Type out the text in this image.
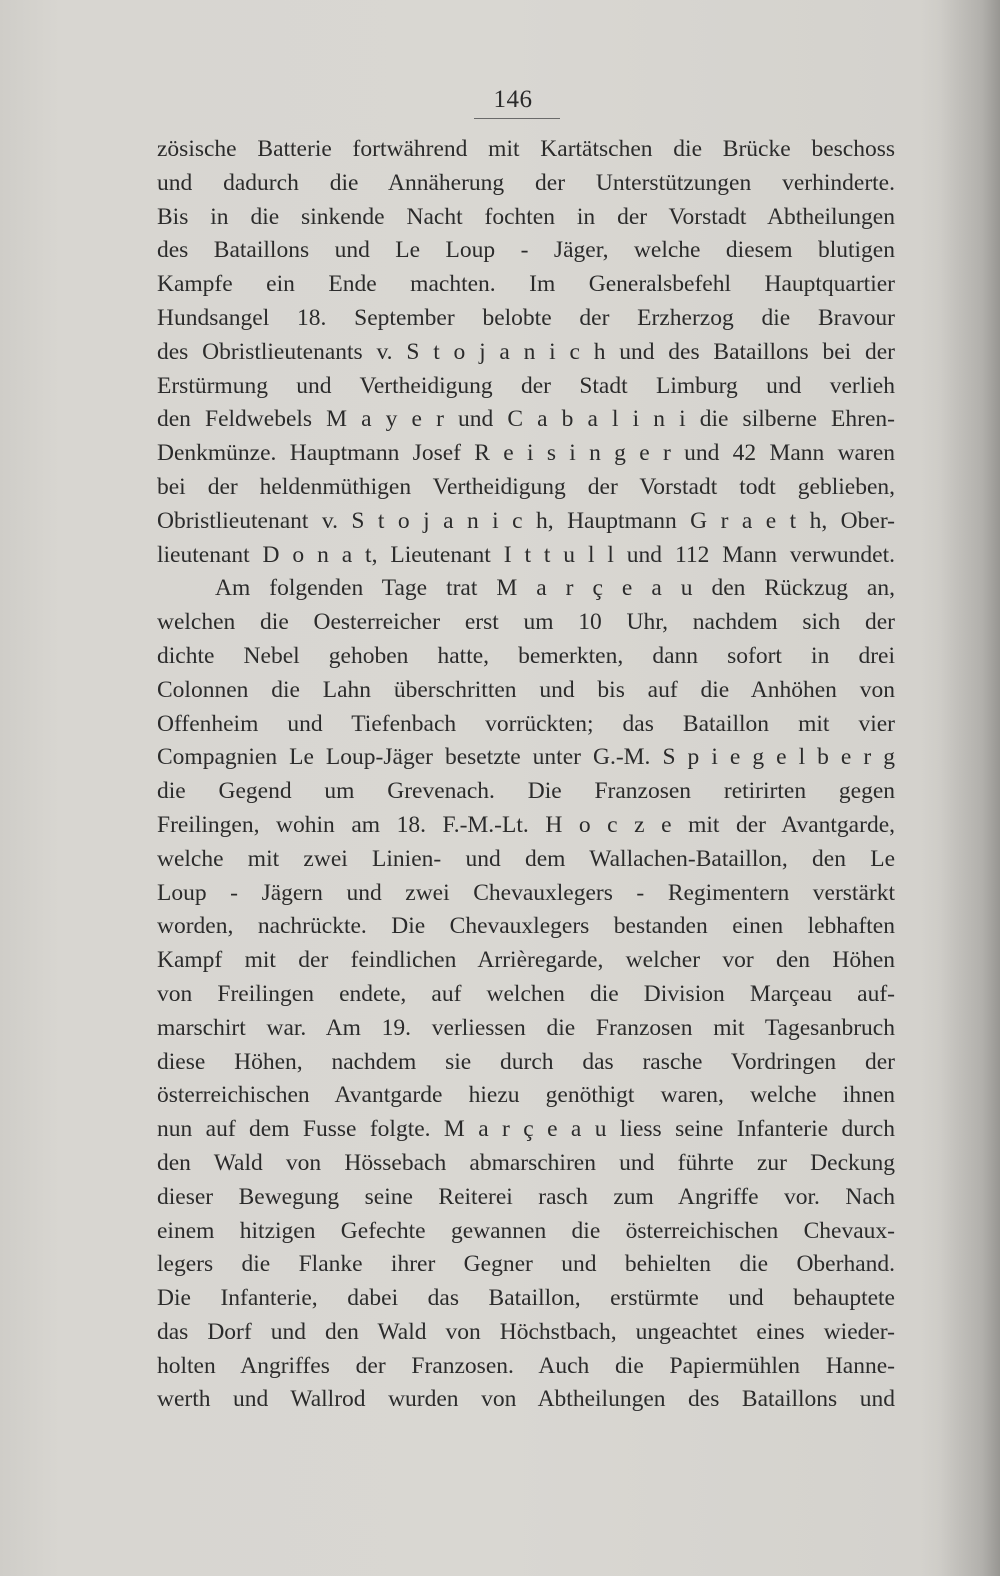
146
zösische Batterie fortwährend mit Kartätschen die Brücke beschoss
und dadurch die Annäherung der Unterstützungen verhinderte.
Bis in die sinkende Nacht fochten in der Vorstadt Abtheilungen
des Bataillons und Le Loup - Jäger, welche diesem blutigen
Kampfe ein Ende machten. Im Generalsbefehl Hauptquartier
Hundsangel 18. September belobte der Erzherzog die Bravour
des Obristlieutenants v. S t o j a n i c h und des Bataillons bei der
Erstürmung und Vertheidigung der Stadt Limburg und verlieh
den Feldwebels M a y e r und C a b a l i n i die silberne Ehren-
Denkmünze. Hauptmann Josef R e i s i n g e r und 42 Mann waren
bei der heldenmüthigen Vertheidigung der Vorstadt todt geblieben,
Obristlieutenant v. S t o j a n i c h, Hauptmann G r a e t h, Ober-
lieutenant D o n a t, Lieutenant I t t u l l und 112 Mann verwundet.
Am folgenden Tage trat M a r ç e a u den Rückzug an,
welchen die Oesterreicher erst um 10 Uhr, nachdem sich der
dichte Nebel gehoben hatte, bemerkten, dann sofort in drei
Colonnen die Lahn überschritten und bis auf die Anhöhen von
Offenheim und Tiefenbach vorrückten; das Bataillon mit vier
Compagnien Le Loup-Jäger besetzte unter G.-M. S p i e g e l b e r g
die Gegend um Grevenach. Die Franzosen retirirten gegen
Freilingen, wohin am 18. F.-M.-Lt. H o c z e mit der Avantgarde,
welche mit zwei Linien- und dem Wallachen-Bataillon, den Le
Loup - Jägern und zwei Chevauxlegers - Regimentern verstärkt
worden, nachrückte. Die Chevauxlegers bestanden einen lebhaften
Kampf mit der feindlichen Arrièregarde, welcher vor den Höhen
von Freilingen endete, auf welchen die Division Marçeau auf-
marschirt war. Am 19. verliessen die Franzosen mit Tagesanbruch
diese Höhen, nachdem sie durch das rasche Vordringen der
österreichischen Avantgarde hiezu genöthigt waren, welche ihnen
nun auf dem Fusse folgte. M a r ç e a u liess seine Infanterie durch
den Wald von Hössebach abmarschiren und führte zur Deckung
dieser Bewegung seine Reiterei rasch zum Angriffe vor. Nach
einem hitzigen Gefechte gewannen die österreichischen Chevaux-
legers die Flanke ihrer Gegner und behielten die Oberhand.
Die Infanterie, dabei das Bataillon, erstürmte und behauptete
das Dorf und den Wald von Höchstbach, ungeachtet eines wieder-
holten Angriffes der Franzosen. Auch die Papiermühlen Hanne-
werth und Wallrod wurden von Abtheilungen des Bataillons und
